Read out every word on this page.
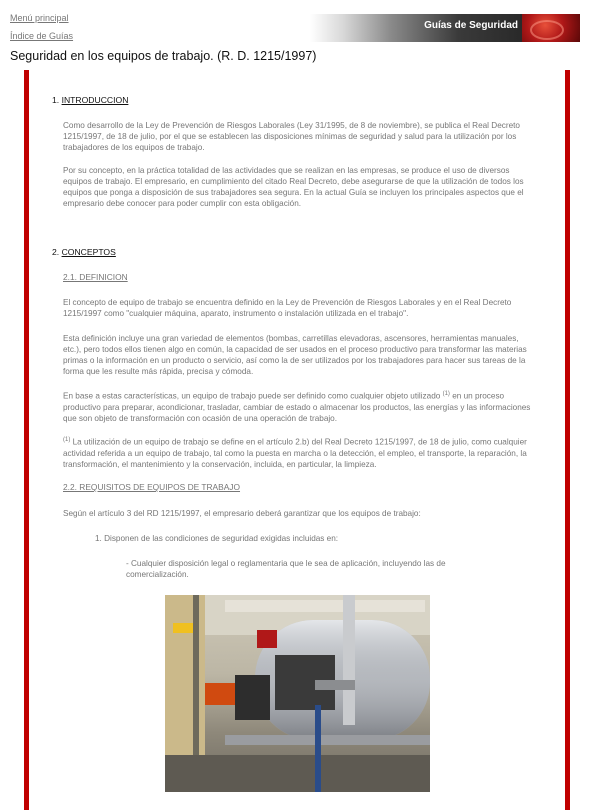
Menú principal
Índice de Guías
Guías de Seguridad
Seguridad en los equipos de trabajo. (R. D. 1215/1997)
1. INTRODUCCION

Como desarrollo de la Ley de Prevención de Riesgos Laborales (Ley 31/1995, de 8 de noviembre), se publica el Real Decreto 1215/1997, de 18 de julio, por el que se establecen las disposiciones mínimas de seguridad y salud para la utilización por los trabajadores de los equipos de trabajo.

Por su concepto, en la práctica totalidad de las actividades que se realizan en las empresas, se produce el uso de diversos equipos de trabajo. El empresario, en cumplimiento del citado Real Decreto, debe asegurarse de que la utilización de todos los equipos que ponga a disposición de sus trabajadores sea segura. En la actual Guía se incluyen los principales aspectos que el empresario debe conocer para poder cumplir con esta obligación.

2. CONCEPTOS
2.1. DEFINICION

El concepto de equipo de trabajo se encuentra definido en la Ley de Prevención de Riesgos Laborales y en el Real Decreto 1215/1997 como "cualquier máquina, aparato, instrumento o instalación utilizada en el trabajo".

Esta definición incluye una gran variedad de elementos (bombas, carretillas elevadoras, ascensores, herramientas manuales, etc.), pero todos ellos tienen algo en común, la capacidad de ser usados en el proceso productivo para transformar las materias primas o la información en un producto o servicio, así como la de ser utilizados por los trabajadores para hacer sus tareas de la forma que les resulte más rápida, precisa y cómoda.

En base a estas características, un equipo de trabajo puede ser definido como cualquier objeto utilizado $^{(1)}$ en un proceso productivo para preparar, acondicionar, trasladar, cambiar de estado o almacenar los productos, las energías y las informaciones que son objeto de transformación con ocasión de una operación de trabajo.

$^{(1)}$ La utilización de un equipo de trabajo se define en el artículo 2.b) del Real Decreto 1215/1997, de 18 de julio, como cualquier actividad referida a un equipo de trabajo, tal como la puesta en marcha o la detección, el empleo, el transporte, la reparación, la transformación, el mantenimiento y la conservación, incluida, en particular, la limpieza.

2.2. REQUISITOS DE EQUIPOS DE TRABAJO

Según el artículo 3 del RD 1215/1997, el empresario deberá garantizar que los equipos de trabajo:

1. Disponen de las condiciones de seguridad exigidas incluidas en:

- Cualquier disposición legal o reglamentaria que le sea de aplicación, incluyendo las de comercialización.
